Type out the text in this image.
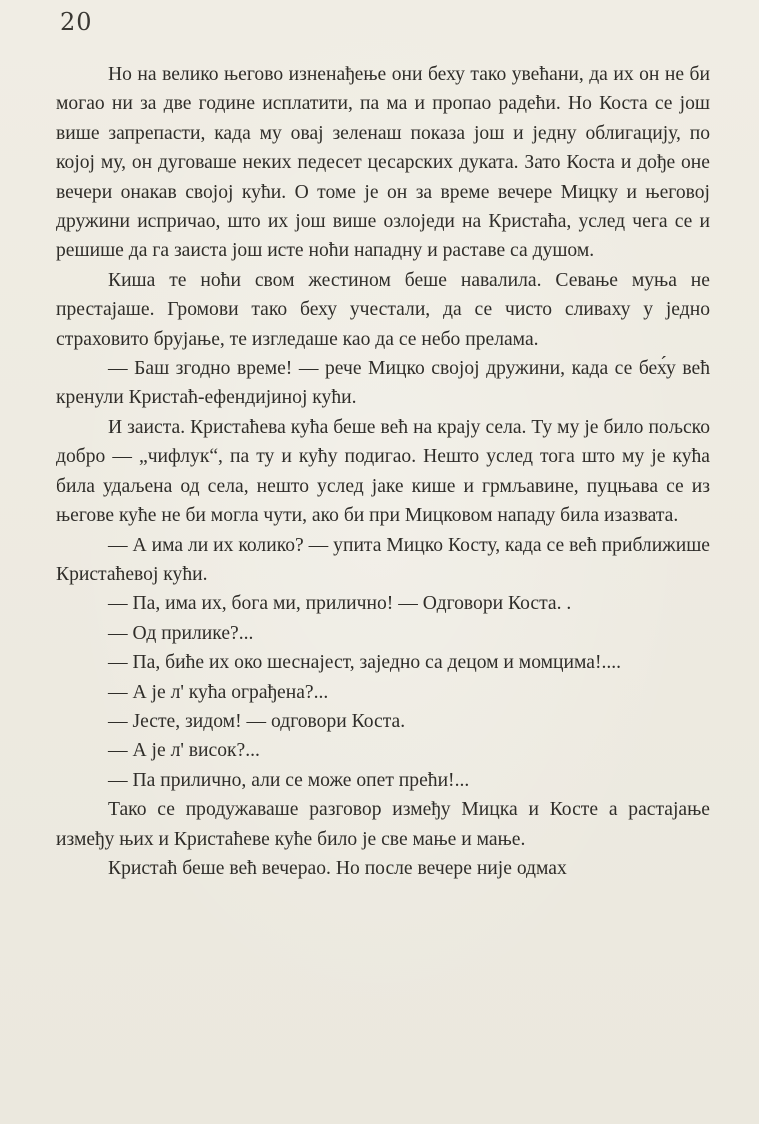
20

Но на велико његово изненађење они беху тако увећани, да их он не би могао ни за две године исплатити, па ма и пропао радећи. Но Коста се још више запрепасти, када му овај зеленаш показа још и једну облигацију, по којој му, он дуговаше неких педесет цесарских дуката. Зато Коста и дође оне вечери онакав својој кући. О томе је он за време вечере Мицку и његовој дружини испричао, што их још више озлоједи на Кристаћа, услед чега се и решише да га заиста још исте ноћи нападну и раставе са душом.

Киша те ноћи свом жестином беше навалила. Севање муња не престајаше. Громови тако беху учестали, да се чисто сливаху у једно страховито брујање, те изгледаше као да се небо прелама.

— Баш згодно време! — рече Мицко својој дружини, када се бех́у већ кренули Кристаћ-ефендијиној кући.

И заиста. Кристаћева кућа беше већ на крају села. Ту му је било пољско добро — „чифлук“, па ту и кућу подигао. Нешто услед тога што му је кућа била удаљена од села, нешто услед јаке кише и грмљавине, пуцњава се из његове куће не би могла чути, ако би при Мицковом нападу била изазвата.

— А има ли их колико? — упита Мицко Косту, када се већ приближише Кристаћевој кући.

— Па, има их, бога ми, прилично! — Одговори Коста. .

— Од прилике?...

— Па, биће их око шеснајест, заједно са децом и момцима!....

— А је л' кућа ограђена?...

— Јесте, зидом! — одговори Коста.

— А је л' висок?...

— Па прилично, али се може опет прећи!...

Тако се продужаваше разговор између Мицка и Косте а растајање између њих и Кристаћеве куће било је све мање и мање.

Кристаћ беше већ вечерао. Но после вечере није одмах
